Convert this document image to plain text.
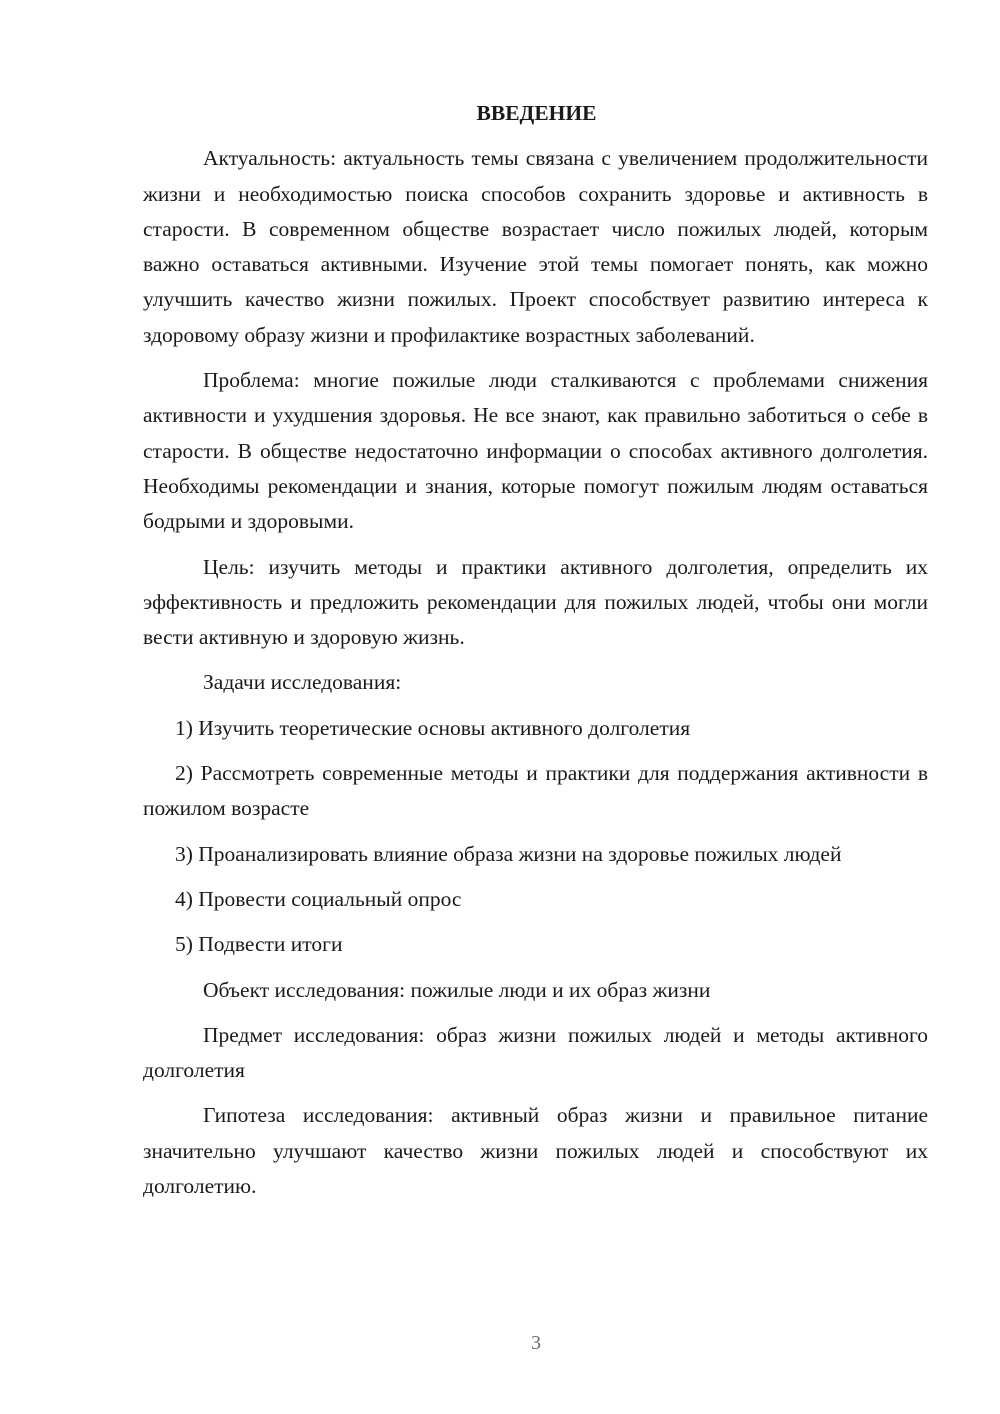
ВВЕДЕНИЕ

Актуальность: актуальность темы связана с увеличением продолжительности жизни и необходимостью поиска способов сохранить здоровье и активность в старости. В современном обществе возрастает число пожилых людей, которым важно оставаться активными. Изучение этой темы помогает понять, как можно улучшить качество жизни пожилых. Проект способствует развитию интереса к здоровому образу жизни и профилактике возрастных заболеваний.

Проблема: многие пожилые люди сталкиваются с проблемами снижения активности и ухудшения здоровья. Не все знают, как правильно заботиться о себе в старости. В обществе недостаточно информации о способах активного долголетия. Необходимы рекомендации и знания, которые помогут пожилым людям оставаться бодрыми и здоровыми.

Цель: изучить методы и практики активного долголетия, определить их эффективность и предложить рекомендации для пожилых людей, чтобы они могли вести активную и здоровую жизнь.

Задачи исследования:

1) Изучить теоретические основы активного долголетия

2) Рассмотреть современные методы и практики для поддержания активности в пожилом возрасте

3) Проанализировать влияние образа жизни на здоровье пожилых людей

4) Провести социальный опрос

5) Подвести итоги

Объект исследования: пожилые люди и их образ жизни

Предмет исследования: образ жизни пожилых людей и методы активного долголетия

Гипотеза исследования: активный образ жизни и правильное питание значительно улучшают качество жизни пожилых людей и способствуют их долголетию.

3
